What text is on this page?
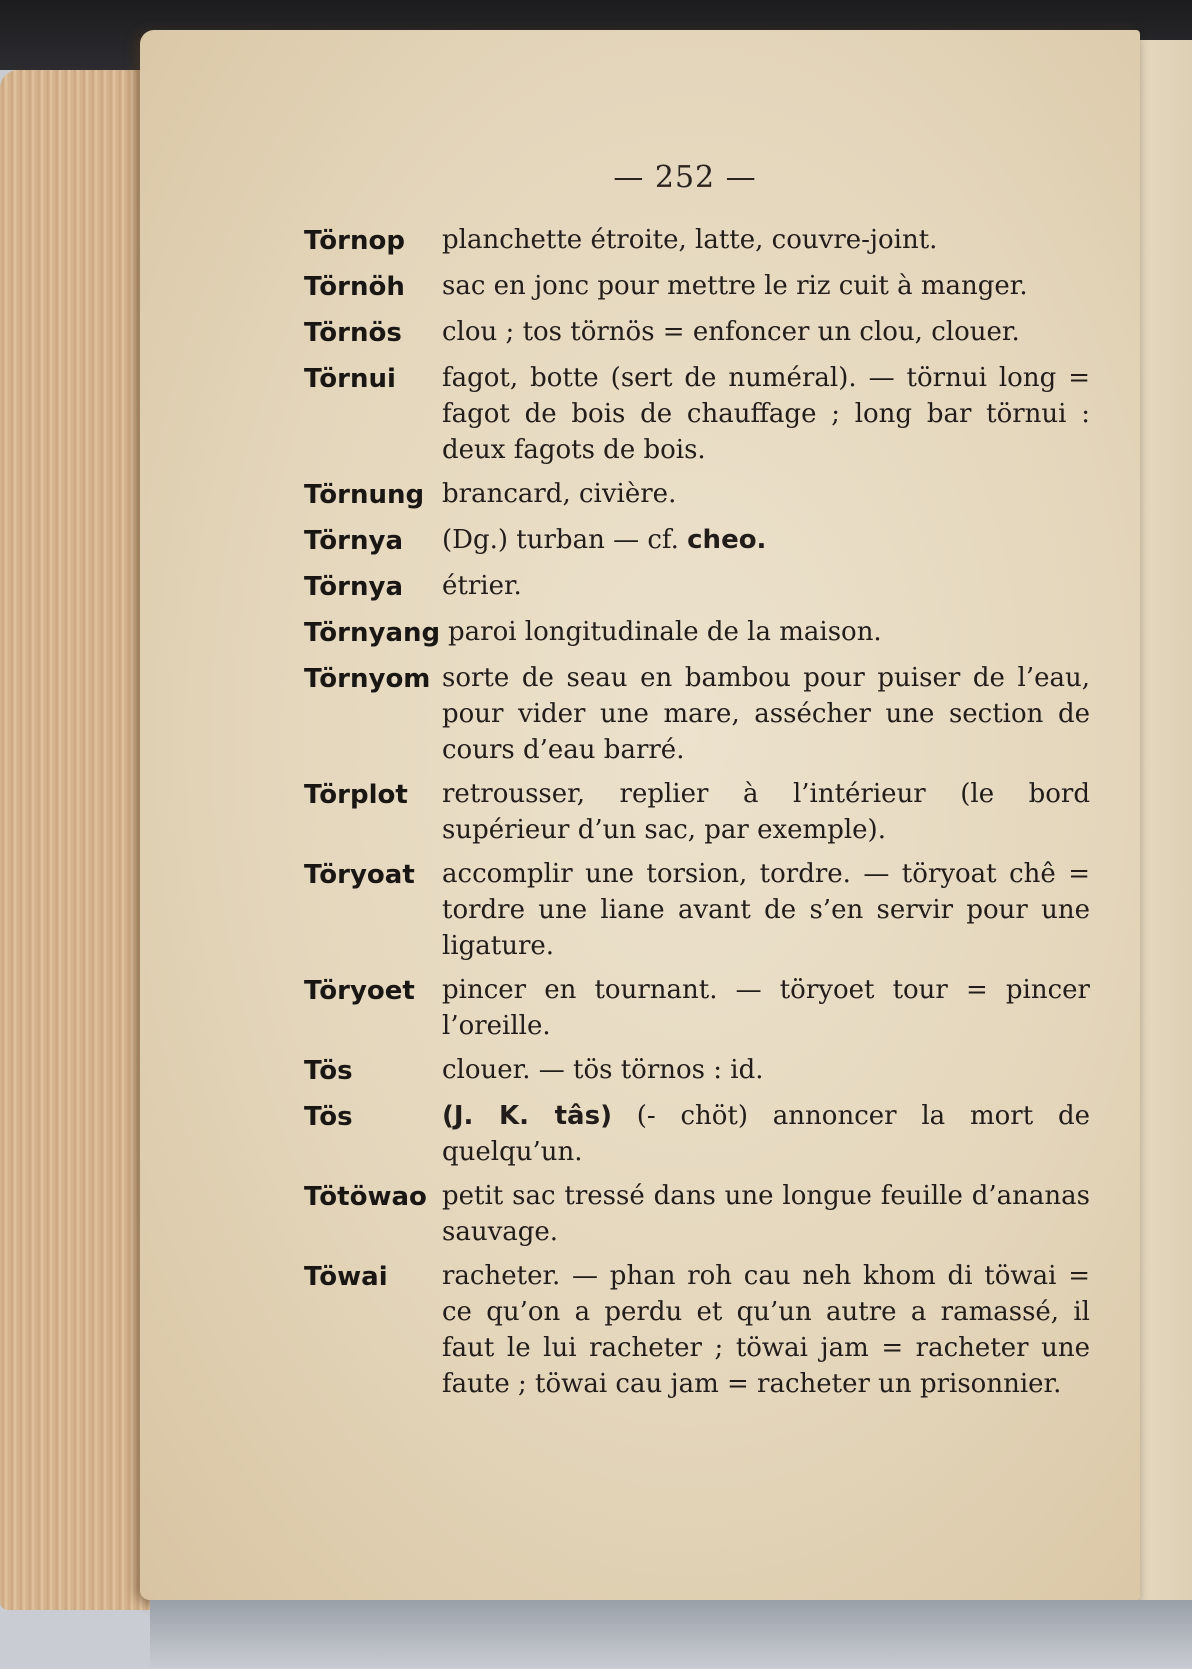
— 252 —
Törnop	planchette étroite, latte, couvre-joint.
Törnöh	sac en jonc pour mettre le riz cuit à manger.
Törnös	clou ; tos törnös = enfoncer un clou, clouer.
Törnui	fagot, botte (sert de numéral). — törnui long = fagot de bois de chauffage ; long bar törnui : deux fagots de bois.
Törnung brancard, civière.
Törnya	(Dg.) turban — cf. cheo.
Törnya	étrier.
Törnyang paroi longitudinale de la maison.
Törnyom sorte de seau en bambou pour puiser de l’eau, pour vider une mare, assécher une section de cours d’eau barré.
Törplot	retrousser, replier à l’intérieur (le bord supérieur d’un sac, par exemple).
Töryoat	accomplir une torsion, tordre. — töryoat chê = tordre une liane avant de s’en servir pour une ligature.
Töryoet	pincer en tournant. — töryoet tour = pincer l’oreille.
Tös	clouer. — tös törnos : id.
Tös	(J. K. tâs) (- chöt) annoncer la mort de quelqu’un.
Tötöwao petit sac tressé dans une longue feuille d’ananas sauvage.
Töwai	racheter. — phan roh cau neh khom di töwai = ce qu’on a perdu et qu’un autre a ramassé, il faut le lui racheter ; töwai jam = racheter une faute ; töwai cau jam = racheter un prisonnier.
